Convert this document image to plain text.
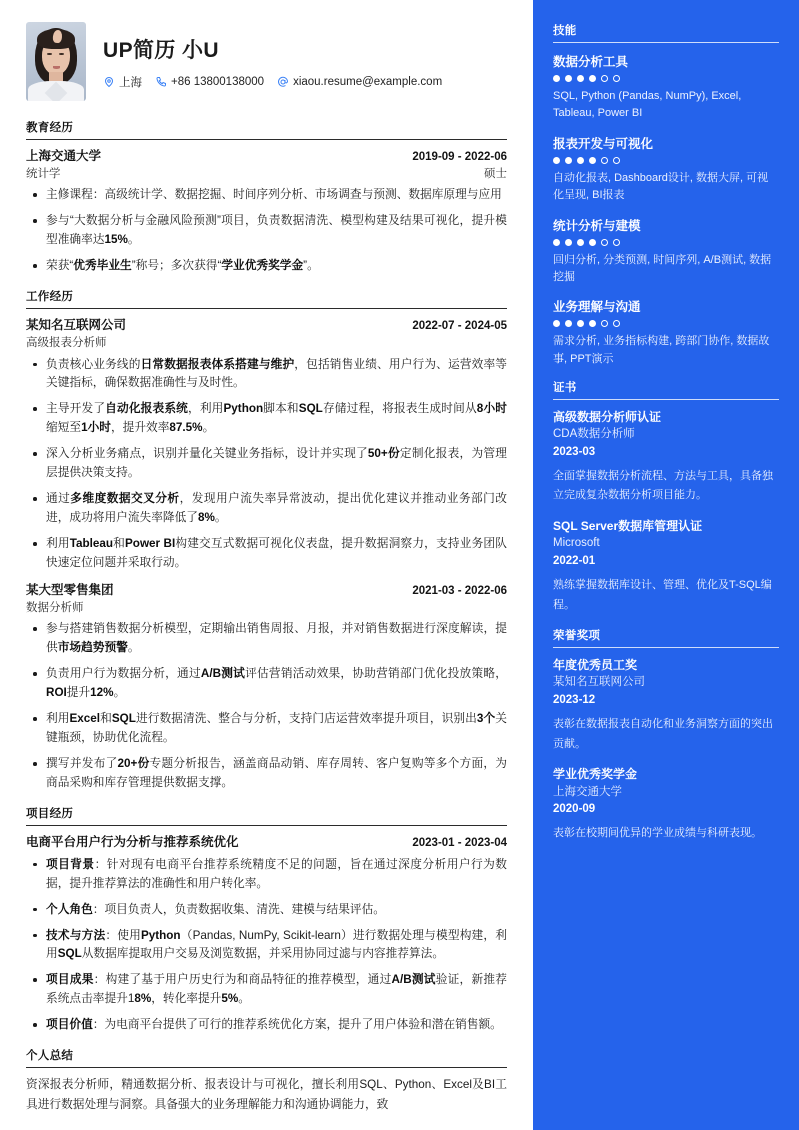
UP简历 小U
上海	+86 13800138000	xiaou.resume@example.com
教育经历
上海交通大学	2019-09 - 2022-06
统计学	硕士
主修课程：高级统计学、数据挖掘、时间序列分析、市场调查与预测、数据库原理与应用
参与“大数据分析与金融风险预测”项目，负责数据清洗、模型构建及结果可视化，提升模型准确率达15%。
荣获“优秀毕业生”称号；多次获得“学业优秀奖学金”。
工作经历
某知名互联网公司	2022-07 - 2024-05
高级报表分析师
负责核心业务线的日常数据报表体系搭建与维护，包括销售业绩、用户行为、运营效率等关键指标，确保数据准确性与及时性。
主导开发了自动化报表系统，利用Python脚本和SQL存储过程，将报表生成时间从8小时缩短至1小时，提升效率87.5%。
深入分析业务痛点，识别并量化关键业务指标，设计并实现了50+份定制化报表，为管理层提供决策支持。
通过多维度数据交叉分析，发现用户流失率异常波动，提出优化建议并推动业务部门改进，成功将用户流失率降低了8%。
利用Tableau和Power BI构建交互式数据可视化仪表盘，提升数据洞察力，支持业务团队快速定位问题并采取行动。
某大型零售集团	2021-03 - 2022-06
数据分析师
参与搭建销售数据分析模型，定期输出销售周报、月报，并对销售数据进行深度解读，提供市场趋势预警。
负责用户行为数据分析，通过A/B测试评估营销活动效果，协助营销部门优化投放策略，ROI提升12%。
利用Excel和SQL进行数据清洗、整合与分析，支持门店运营效率提升项目，识别出3个关键瓶颈，协助优化流程。
撰写并发布了20+份专题分析报告，涵盖商品动销、库存周转、客户复购等多个方面，为商品采购和库存管理提供数据支撑。
项目经历
电商平台用户行为分析与推荐系统优化	2023-01 - 2023-04
项目背景：针对现有电商平台推荐系统精度不足的问题，旨在通过深度分析用户行为数据，提升推荐算法的准确性和用户转化率。
个人角色：项目负责人，负责数据收集、清洗、建模与结果评估。
技术与方法：使用Python（Pandas, NumPy, Scikit-learn）进行数据处理与模型构建，利用SQL从数据库提取用户交易及浏览数据，并采用协同过滤与内容推荐算法。
项目成果：构建了基于用户历史行为和商品特征的推荐模型，通过A/B测试验证，新推荐系统点击率提升18%，转化率提升5%。
项目价值：为电商平台提供了可行的推荐系统优化方案，提升了用户体验和潜在销售额。
个人总结
资深报表分析师，精通数据分析、报表设计与可视化，擅长利用SQL、Python、Excel及BI工具进行数据处理与洞察。具备强大的业务理解能力和沟通协调能力，致
技能
数据分析工具
SQL, Python (Pandas, NumPy), Excel, Tableau, Power BI
报表开发与可视化
自动化报表, Dashboard设计, 数据大屏, 可视化呈现, BI报表
统计分析与建模
回归分析, 分类预测, 时间序列, A/B测试, 数据挖掘
业务理解与沟通
需求分析, 业务指标构建, 跨部门协作, 数据故事, PPT演示
证书
高级数据分析师认证
CDA数据分析师
2023-03
全面掌握数据分析流程、方法与工具，具备独立完成复杂数据分析项目能力。
SQL Server数据库管理认证
Microsoft
2022-01
熟练掌握数据库设计、管理、优化及T-SQL编程。
荣誉奖项
年度优秀员工奖
某知名互联网公司
2023-12
表彰在数据报表自动化和业务洞察方面的突出贡献。
学业优秀奖学金
上海交通大学
2020-09
表彰在校期间优异的学业成绩与科研表现。
